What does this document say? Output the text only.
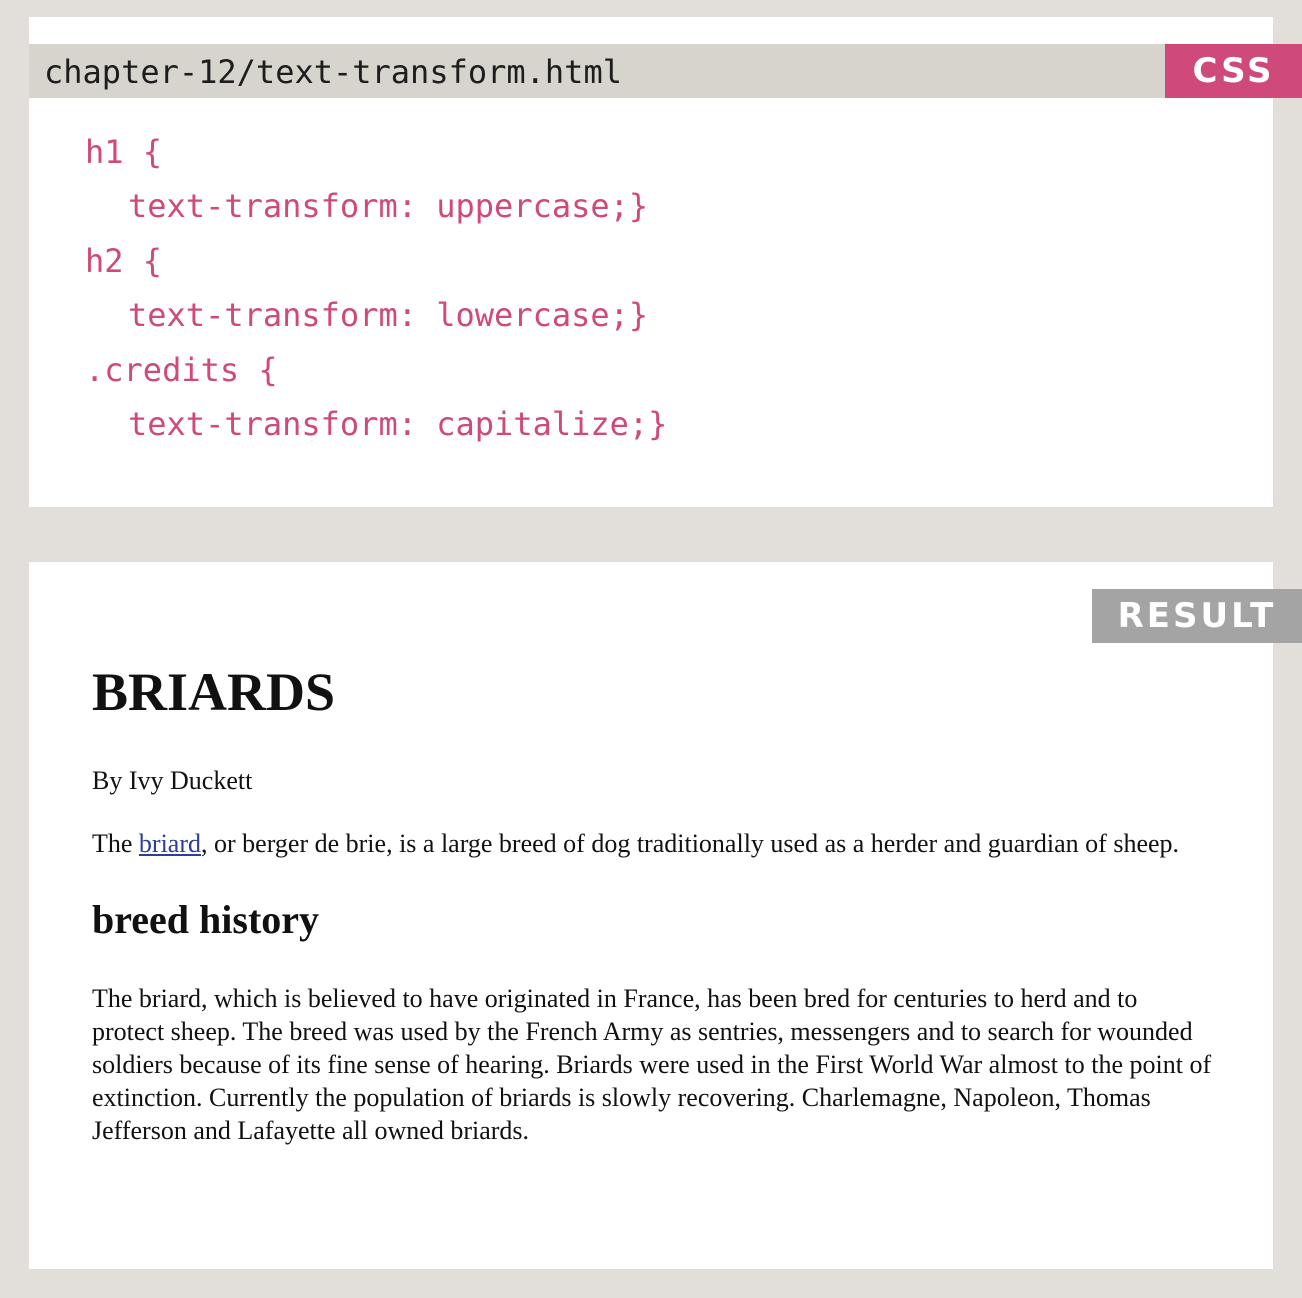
chapter-12/text-transform.html	CSS
h1 {
text-transform: uppercase;}
h2 {
text-transform: lowercase;}
.credits {
text-transform: capitalize;}
RESULT
BRIARDS

By Ivy Duckett

The briard, or berger de brie, is a large breed of dog traditionally used as a herder and guardian of sheep.

breed history

The briard, which is believed to have originated in France, has been bred for centuries to herd and to protect sheep. The breed was used by the French Army as sentries, messengers and to search for wounded soldiers because of its fine sense of hearing. Briards were used in the First World War almost to the point of extinction. Currently the population of briards is slowly recovering. Charlemagne, Napoleon, Thomas Jefferson and Lafayette all owned briards.
